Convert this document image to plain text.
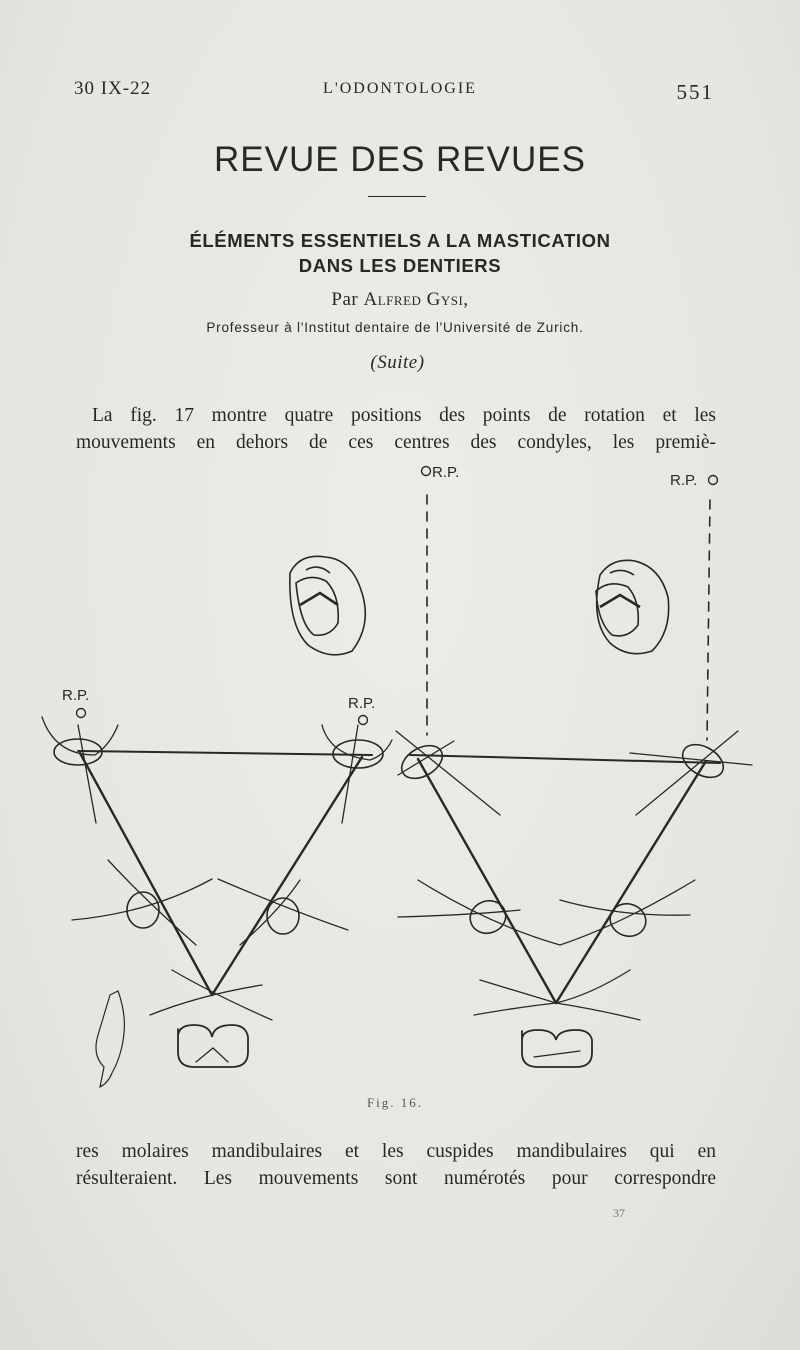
30 IX-22	L'ODONTOLOGIE	551
REVUE DES REVUES
ÉLÉMENTS ESSENTIELS A LA MASTICATION
DANS LES DENTIERS
Par Alfred Gysi,
Professeur à l'Institut dentaire de l'Université de Zurich.
(Suite)

La fig. 17 montre quatre positions des points de rotation et les
mouvements en dehors de ces centres des condyles, les premiè-

R.P.	R.P.
R.P.	R.P.
Fig. 16.

res molaires mandibulaires et les cuspides mandibulaires qui en
résulteraient. Les mouvements sont numérotés pour correspondre

37
